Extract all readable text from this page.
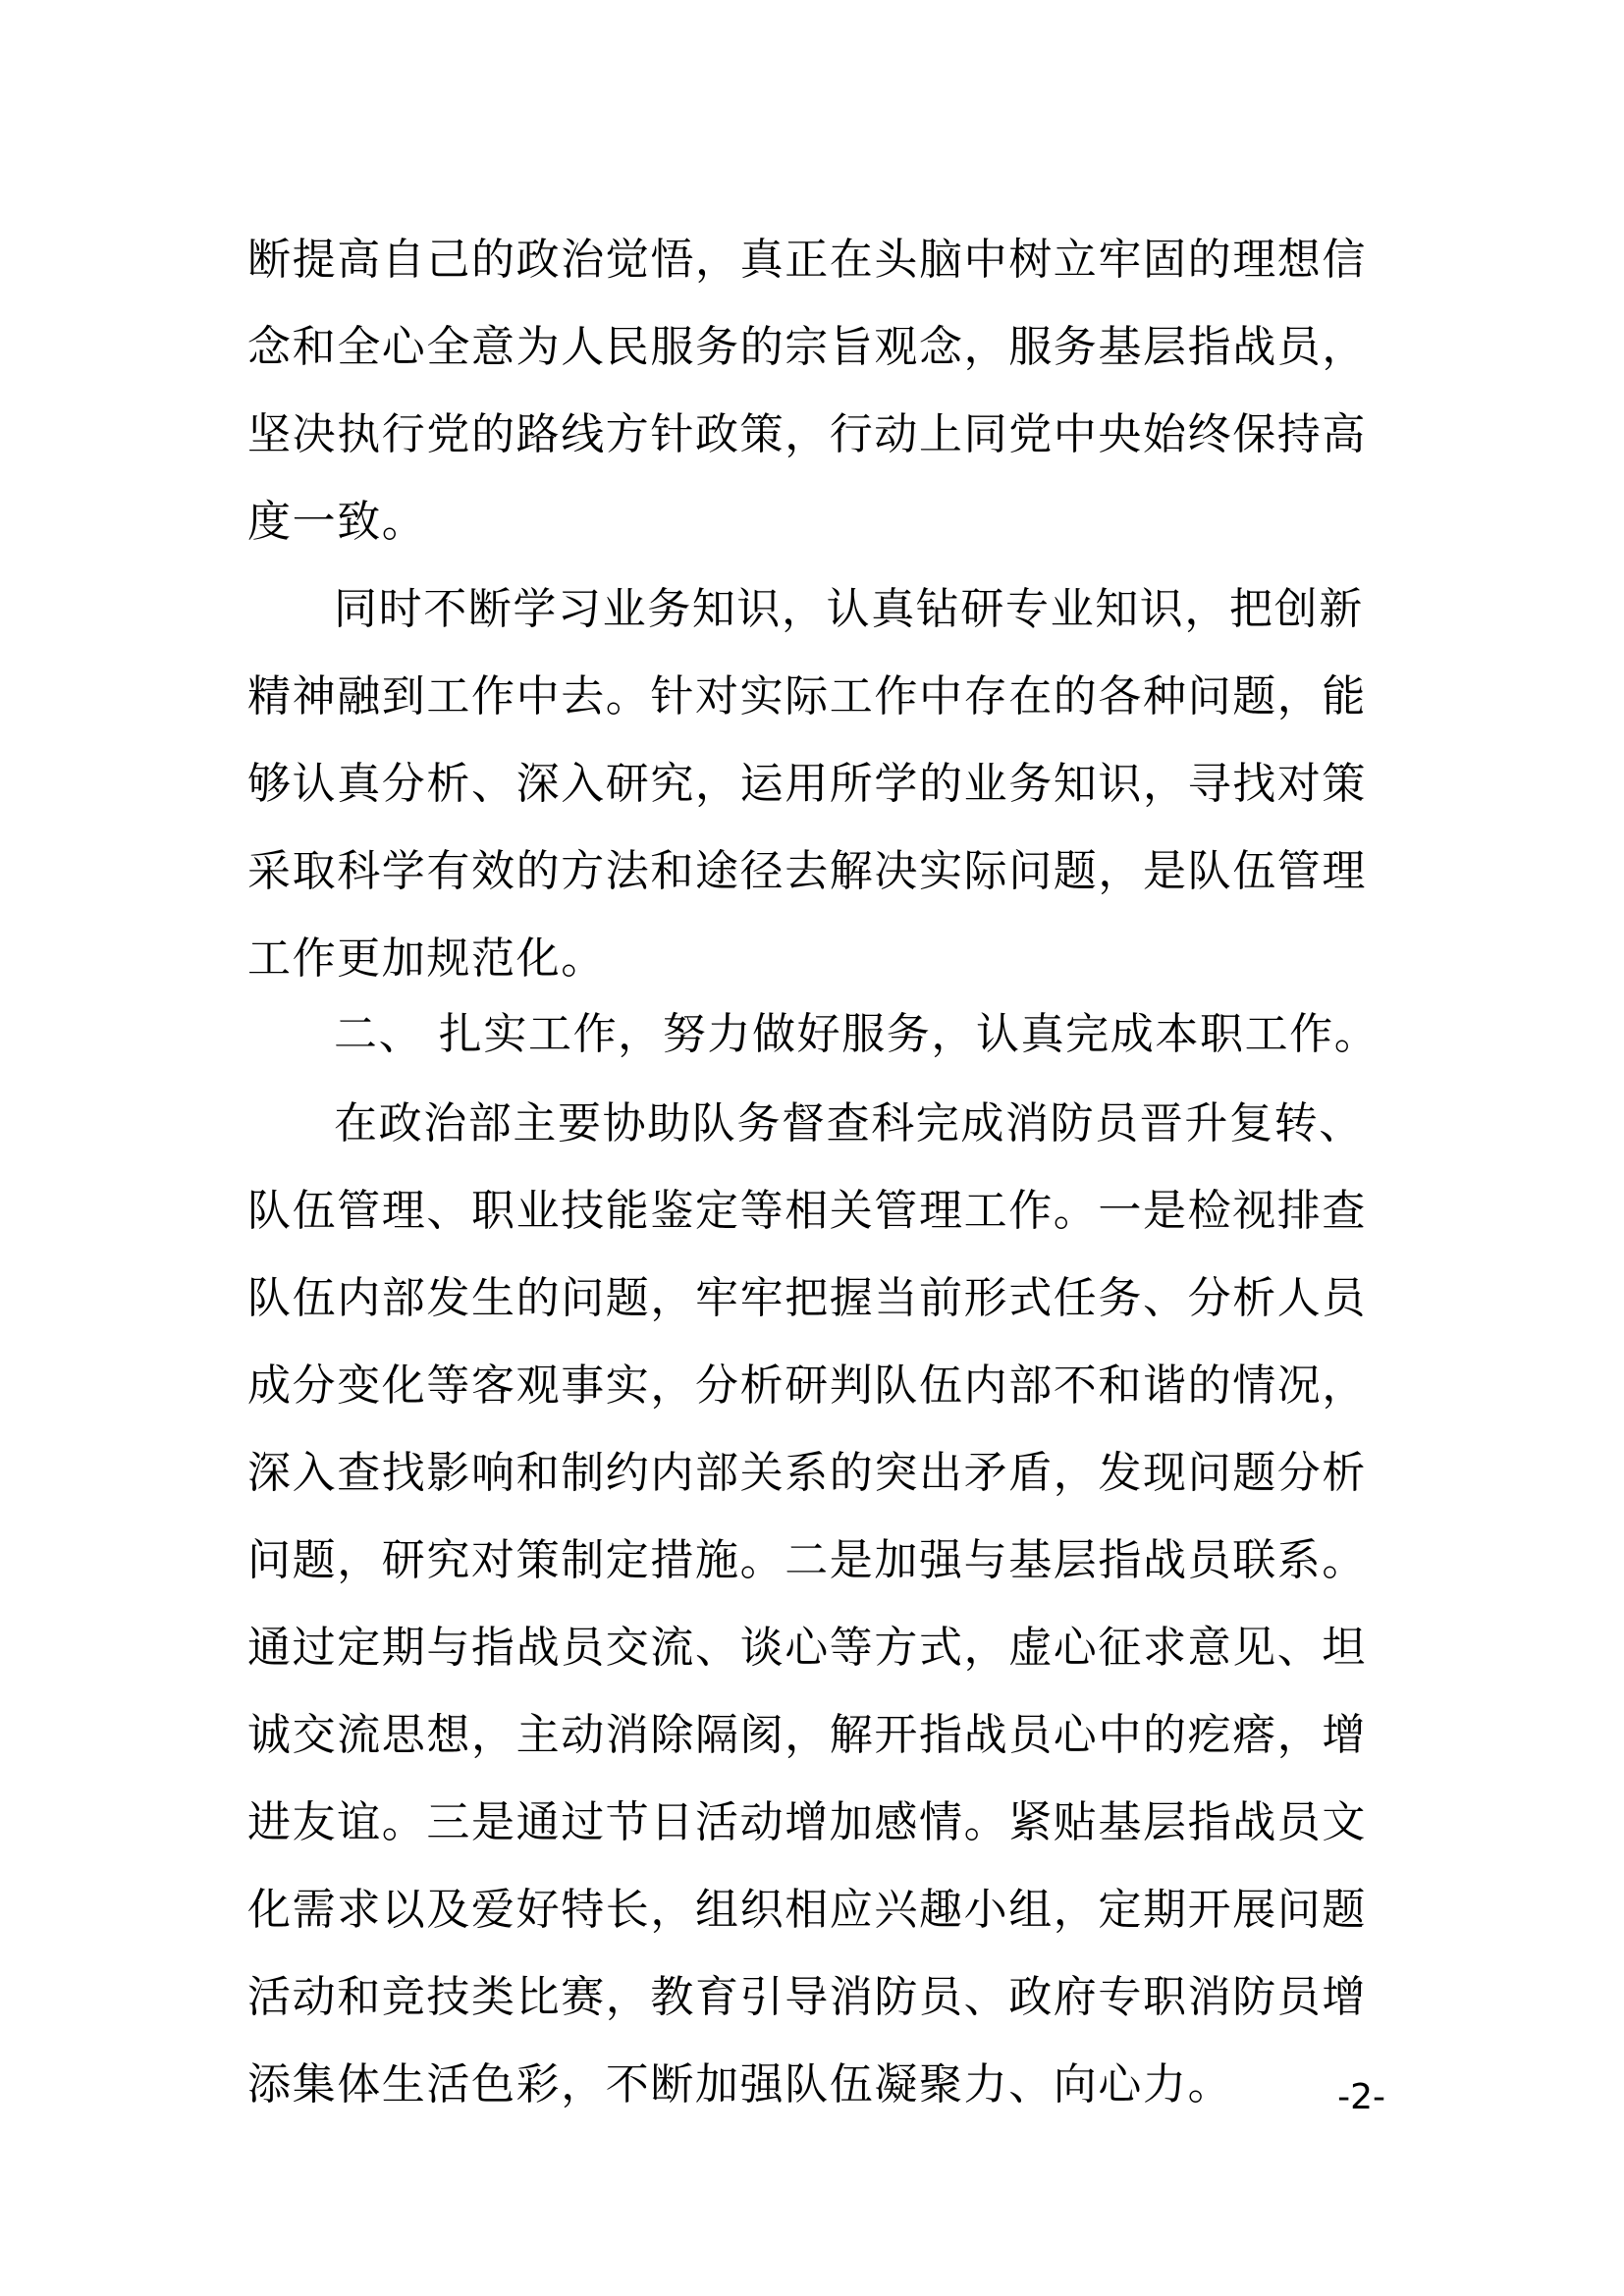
断提高自己的政治觉悟，真正在头脑中树立牢固的理想信
念和全心全意为人民服务的宗旨观念，服务基层指战员，
坚决执行党的路线方针政策，行动上同党中央始终保持高
度一致。
同时不断学习业务知识，认真钻研专业知识，把创新
精神融到工作中去。针对实际工作中存在的各种问题，能
够认真分析、深入研究，运用所学的业务知识，寻找对策
采取科学有效的方法和途径去解决实际问题，是队伍管理
工作更加规范化。
二、 扎实工作，努力做好服务，认真完成本职工作。
在政治部主要协助队务督查科完成消防员晋升复转、
队伍管理、职业技能鉴定等相关管理工作。一是检视排查
队伍内部发生的问题，牢牢把握当前形式任务、分析人员
成分变化等客观事实，分析研判队伍内部不和谐的情况，
深入查找影响和制约内部关系的突出矛盾，发现问题分析
问题，研究对策制定措施。二是加强与基层指战员联系。
通过定期与指战员交流、谈心等方式，虚心征求意见、坦
诚交流思想，主动消除隔阂，解开指战员心中的疙瘩，增
进友谊。三是通过节日活动增加感情。紧贴基层指战员文
化需求以及爱好特长，组织相应兴趣小组，定期开展问题
活动和竞技类比赛，教育引导消防员、政府专职消防员增
添集体生活色彩，不断加强队伍凝聚力、向心力。	-2-
